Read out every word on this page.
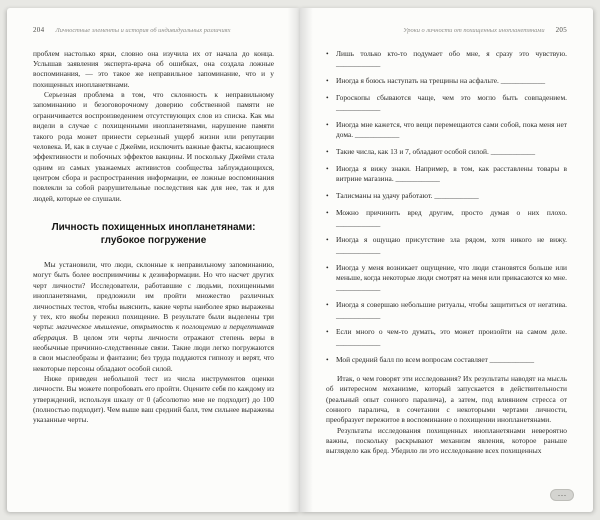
204 Личностные элементы и история об индивидуальных различиях

проблем настолько ярки, словно она изучила их от начала до конца. Услышав заявления эксперта-врача об ошибках, она создала ложные воспоминания, — это такое же неправильное запоминание, что и у похищенных инопланетянами.

Серьезная проблема в том, что склонность к неправильному запоминанию и безоговорочному доверию собственной памяти не ограничивается воспроизведением отсутствующих слов из списка. Как мы видели в случае с похищенными инопланетянами, нарушение памяти такого рода может принести серьезный ущерб жизни или репутации человека. И, как в случае с Джейми, исключить важные факты, касающиеся эффективности и побочных эффектов вакцины. И поскольку Джейми стала одним из самых уважаемых активистов сообщества заблуждающихся, центром сбора и распространения информации, ее ложные воспоминания повлекли за собой разрушительные последствия как для нее, так и для людей, которые ее слушали.

Личность похищенных инопланетянами:
глубокое погружение

Мы установили, что люди, склонные к неправильному запоминанию, могут быть более восприимчивы к дезинформации. Но что насчет других черт личности? Исследователи, работавшие с людьми, похищенными инопланетянами, предложили им пройти множество различных личностных тестов, чтобы выяснить, какие черты наиболее ярко выражены у тех, кто якобы пережил похищение. В результате были выделены три черты: магическое мышление, открытость к поглощению и перцептивная аберрация. В целом эти черты личности отражают степень веры в необычные причинно-следственные связи. Такие люди легко погружаются в свои мыслеобразы и фантазии; без труда поддаются гипнозу и верят, что некоторые персоны обладают особой силой.

Ниже приведен небольшой тест из числа инструментов оценки личности. Вы можете попробовать его пройти. Оцените себя по каждому из утверждений, используя шкалу от 0 (абсолютно мне не подходит) до 100 (полностью подходит). Чем выше ваш средний балл, тем сильнее выражены указанные черты.

Уроки о личности от похищенных инопланетянами 205
• Лишь только кто-то подумает обо мне, я сразу это чувствую. ____________
• Иногда я боюсь наступать на трещины на асфальте. ____________
• Гороскопы сбываются чаще, чем это могло быть совпадением. ____________
• Иногда мне кажется, что вещи перемещаются сами собой, пока меня нет дома. ____________
• Такие числа, как 13 и 7, обладают особой силой. ____________
• Иногда я вижу знаки. Например, в том, как расставлены товары в витрине магазина. ____________
• Талисманы на удачу работают. ____________
• Можно причинить вред другим, просто думая о них плохо. ____________
• Иногда я ощущаю присутствие зла рядом, хотя никого не вижу. ____________
• Иногда у меня возникает ощущение, что люди становятся больше или меньше, когда некоторые люди смотрят на меня или прикасаются ко мне. ____________
• Иногда я совершаю небольшие ритуалы, чтобы защититься от негатива. ____________
• Если много о чем-то думать, это может произойти на самом деле. ____________
• Мой средний балл по всем вопросам составляет ____________

Итак, о чем говорят эти исследования? Их результаты наводят на мысль об интересном механизме, который запускается в действительности (реальный опыт сонного паралича), а затем, под влиянием стресса от сонного паралича, в сочетании с некоторыми чертами личности, преобразует пережитое в воспоминание о похищении инопланетянами.

Результаты исследования похищенных инопланетянами невероятно важны, поскольку раскрывают механизм явления, которое раньше выглядело как бред. Убедило ли это исследование всех похищенных

⋯
